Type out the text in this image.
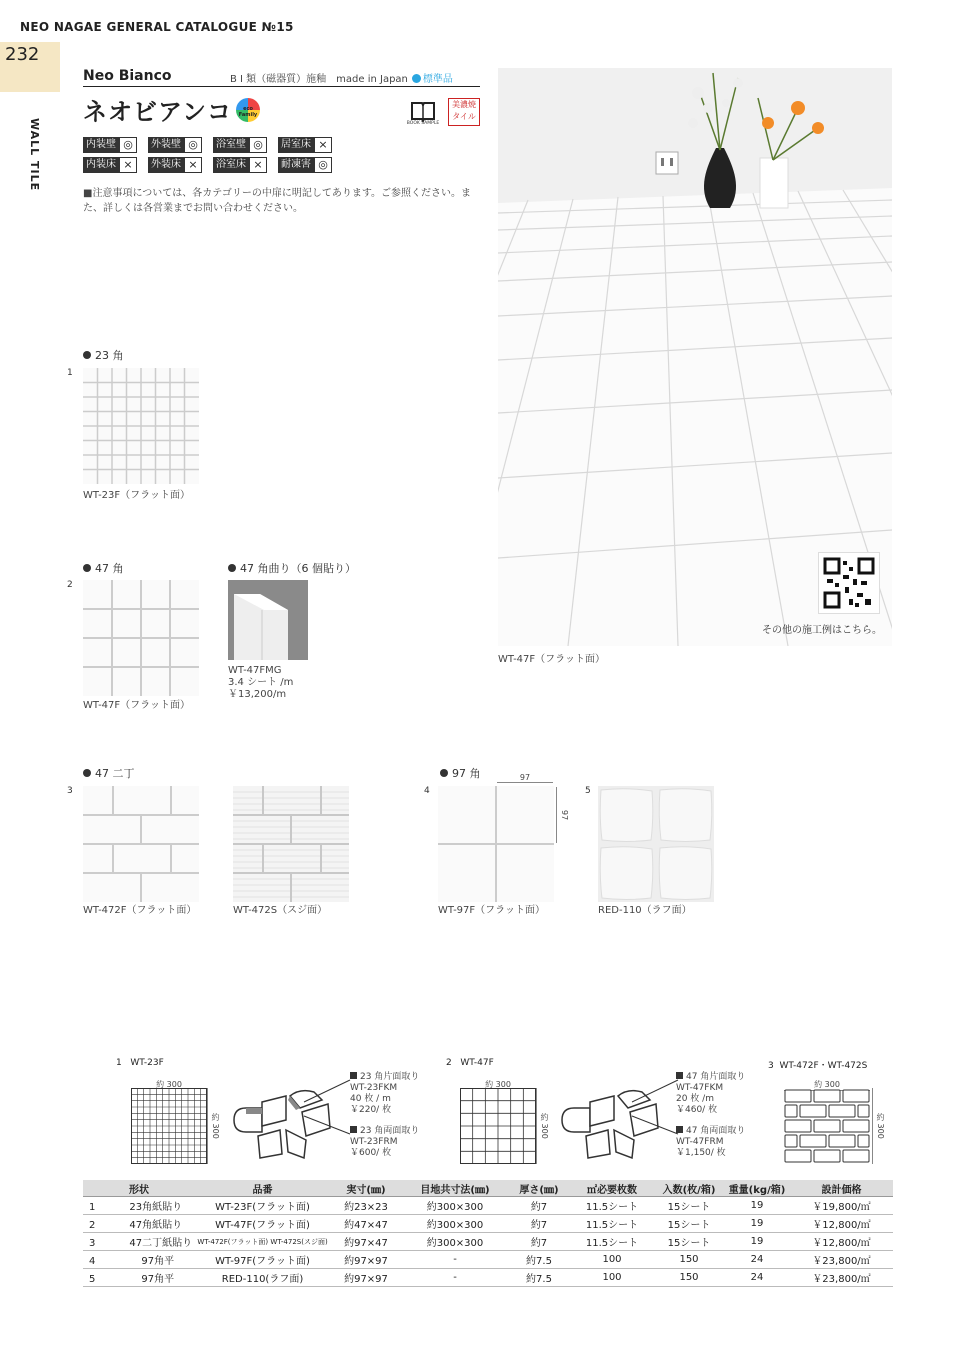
NEO NAGAE GENERAL CATALOGUE №15
232
WALL TILE
Neo Bianco	B I 類（磁器質）施釉　made in Japan 標準品
ネオビアンコ	eco Family
BOOK SAMPLE
美濃焼
タイル
内装壁 ◎	外装壁 ◎	浴室壁 ◎	居室床 ×
内装床 ×	外装床 ×	浴室床 ×	耐凍害 ◎
■注意事項については、各カテゴリーの中扉に明記してあります。ご参照ください。また、詳しくは各営業までお問い合わせください。
その他の施工例はこちら。
WT-47F（フラット面）
23 角
1
WT-23F（フラット面）
47 角
2
WT-47F（フラット面）
47 角曲り（6 個貼り）
WT-47FMG
3.4 シート /m
￥13,200/m
47 二丁
3
WT-472F（フラット面）	WT-472S（スジ面）
97 角	97
97
4
WT-97F（フラット面）
5
RED-110（ラフ面）
1 WT-23F
約 300
約 300
23 角片面取り
WT-23FKM
40 枚 / m
￥220/ 枚
23 角両面取り
WT-23FRM
￥600/ 枚
2 WT-47F
約 300
約 300
47 角片面取り
WT-47FKM
20 枚 /m
￥460/ 枚
47 角両面取り
WT-47FRM
￥1,150/ 枚
3 WT-472F・WT-472S
約 300
約 300
形状	品番	実寸(㎜)	目地共寸法(㎜)	厚さ(㎜)	㎡必要枚数	入数(枚/箱)	重量(kg/箱)	設計価格
1 23角紙貼り	WT-23F(フラット面)	約23×23	約300×300	約7	11.5シート	15シート	19	￥19,800/㎡
2 47角紙貼り	WT-47F(フラット面)	約47×47	約300×300	約7	11.5シート	15シート	19	￥12,800/㎡
3 47二丁紙貼り	WT-472F(フラット面) WT-472S(スジ面)	約97×47	約300×300	約7	11.5シート	15シート	19	￥12,800/㎡
4 97角平	WT-97F(フラット面)	約97×97	-	約7.5	100	150	24	￥23,800/㎡
5 97角平	RED-110(ラフ面)	約97×97	-	約7.5	100	150	24	￥23,800/㎡
